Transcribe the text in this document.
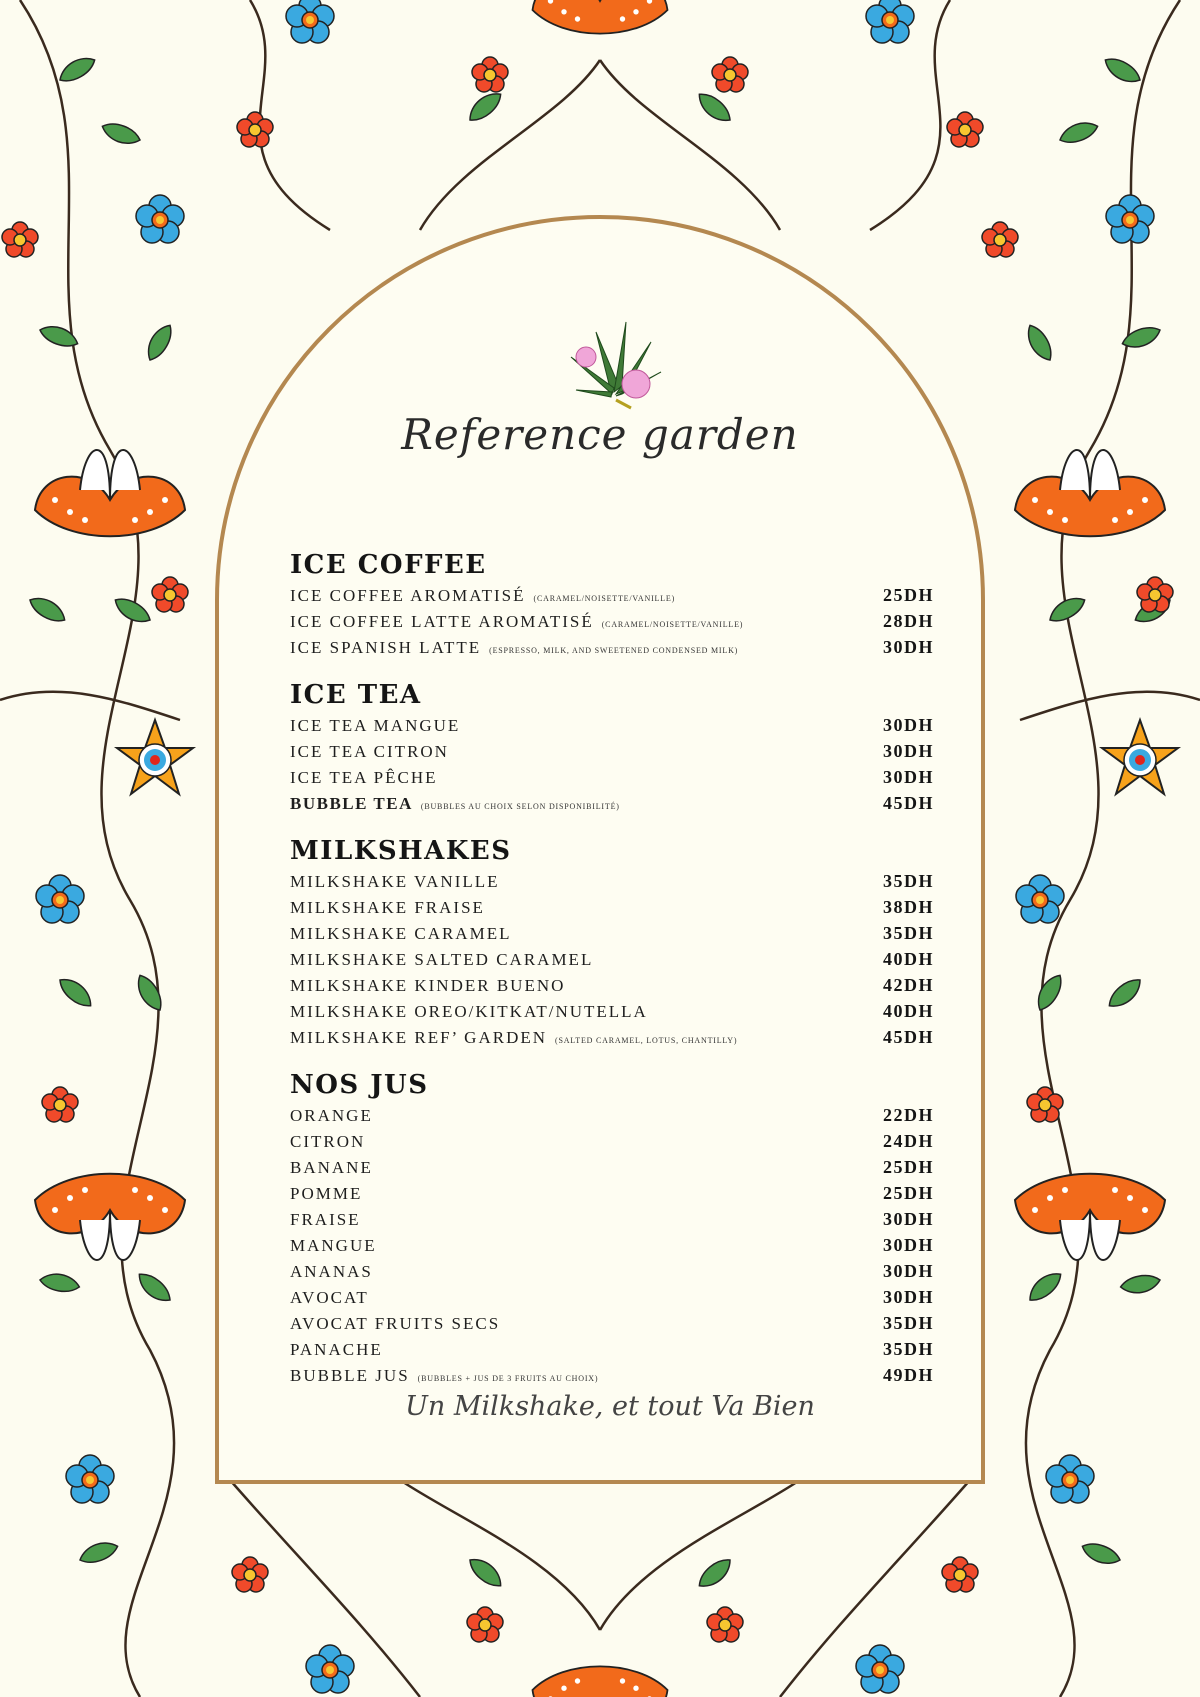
Reference garden
ICE COFFEE
ICE COFFEE AROMATISÉ (CARAMEL/NOISETTE/VANILLE)	25DH
ICE COFFEE LATTE AROMATISÉ (CARAMEL/NOISETTE/VANILLE)	28DH
ICE SPANISH LATTE (ESPRESSO, MILK, AND SWEETENED CONDENSED MILK)	30DH
ICE TEA
ICE TEA MANGUE	30DH
ICE TEA CITRON	30DH
ICE TEA PÊCHE	30DH
BUBBLE TEA (BUBBLES AU CHOIX SELON DISPONIBILITÉ)	45DH
MILKSHAKES
MILKSHAKE VANILLE	35DH
MILKSHAKE FRAISE	38DH
MILKSHAKE CARAMEL	35DH
MILKSHAKE SALTED CARAMEL	40DH
MILKSHAKE KINDER BUENO	42DH
MILKSHAKE OREO/KITKAT/NUTELLA	40DH
MILKSHAKE REF’ GARDEN (SALTED CARAMEL, LOTUS, CHANTILLY)	45DH
NOS JUS
ORANGE	22DH
CITRON	24DH
BANANE	25DH
POMME	25DH
FRAISE	30DH
MANGUE	30DH
ANANAS	30DH
AVOCAT	30DH
AVOCAT FRUITS SECS	35DH
PANACHE	35DH
BUBBLE JUS (BUBBLES + JUS DE 3 FRUITS AU CHOIX)	49DH
Un Milkshake, et tout Va Bien
